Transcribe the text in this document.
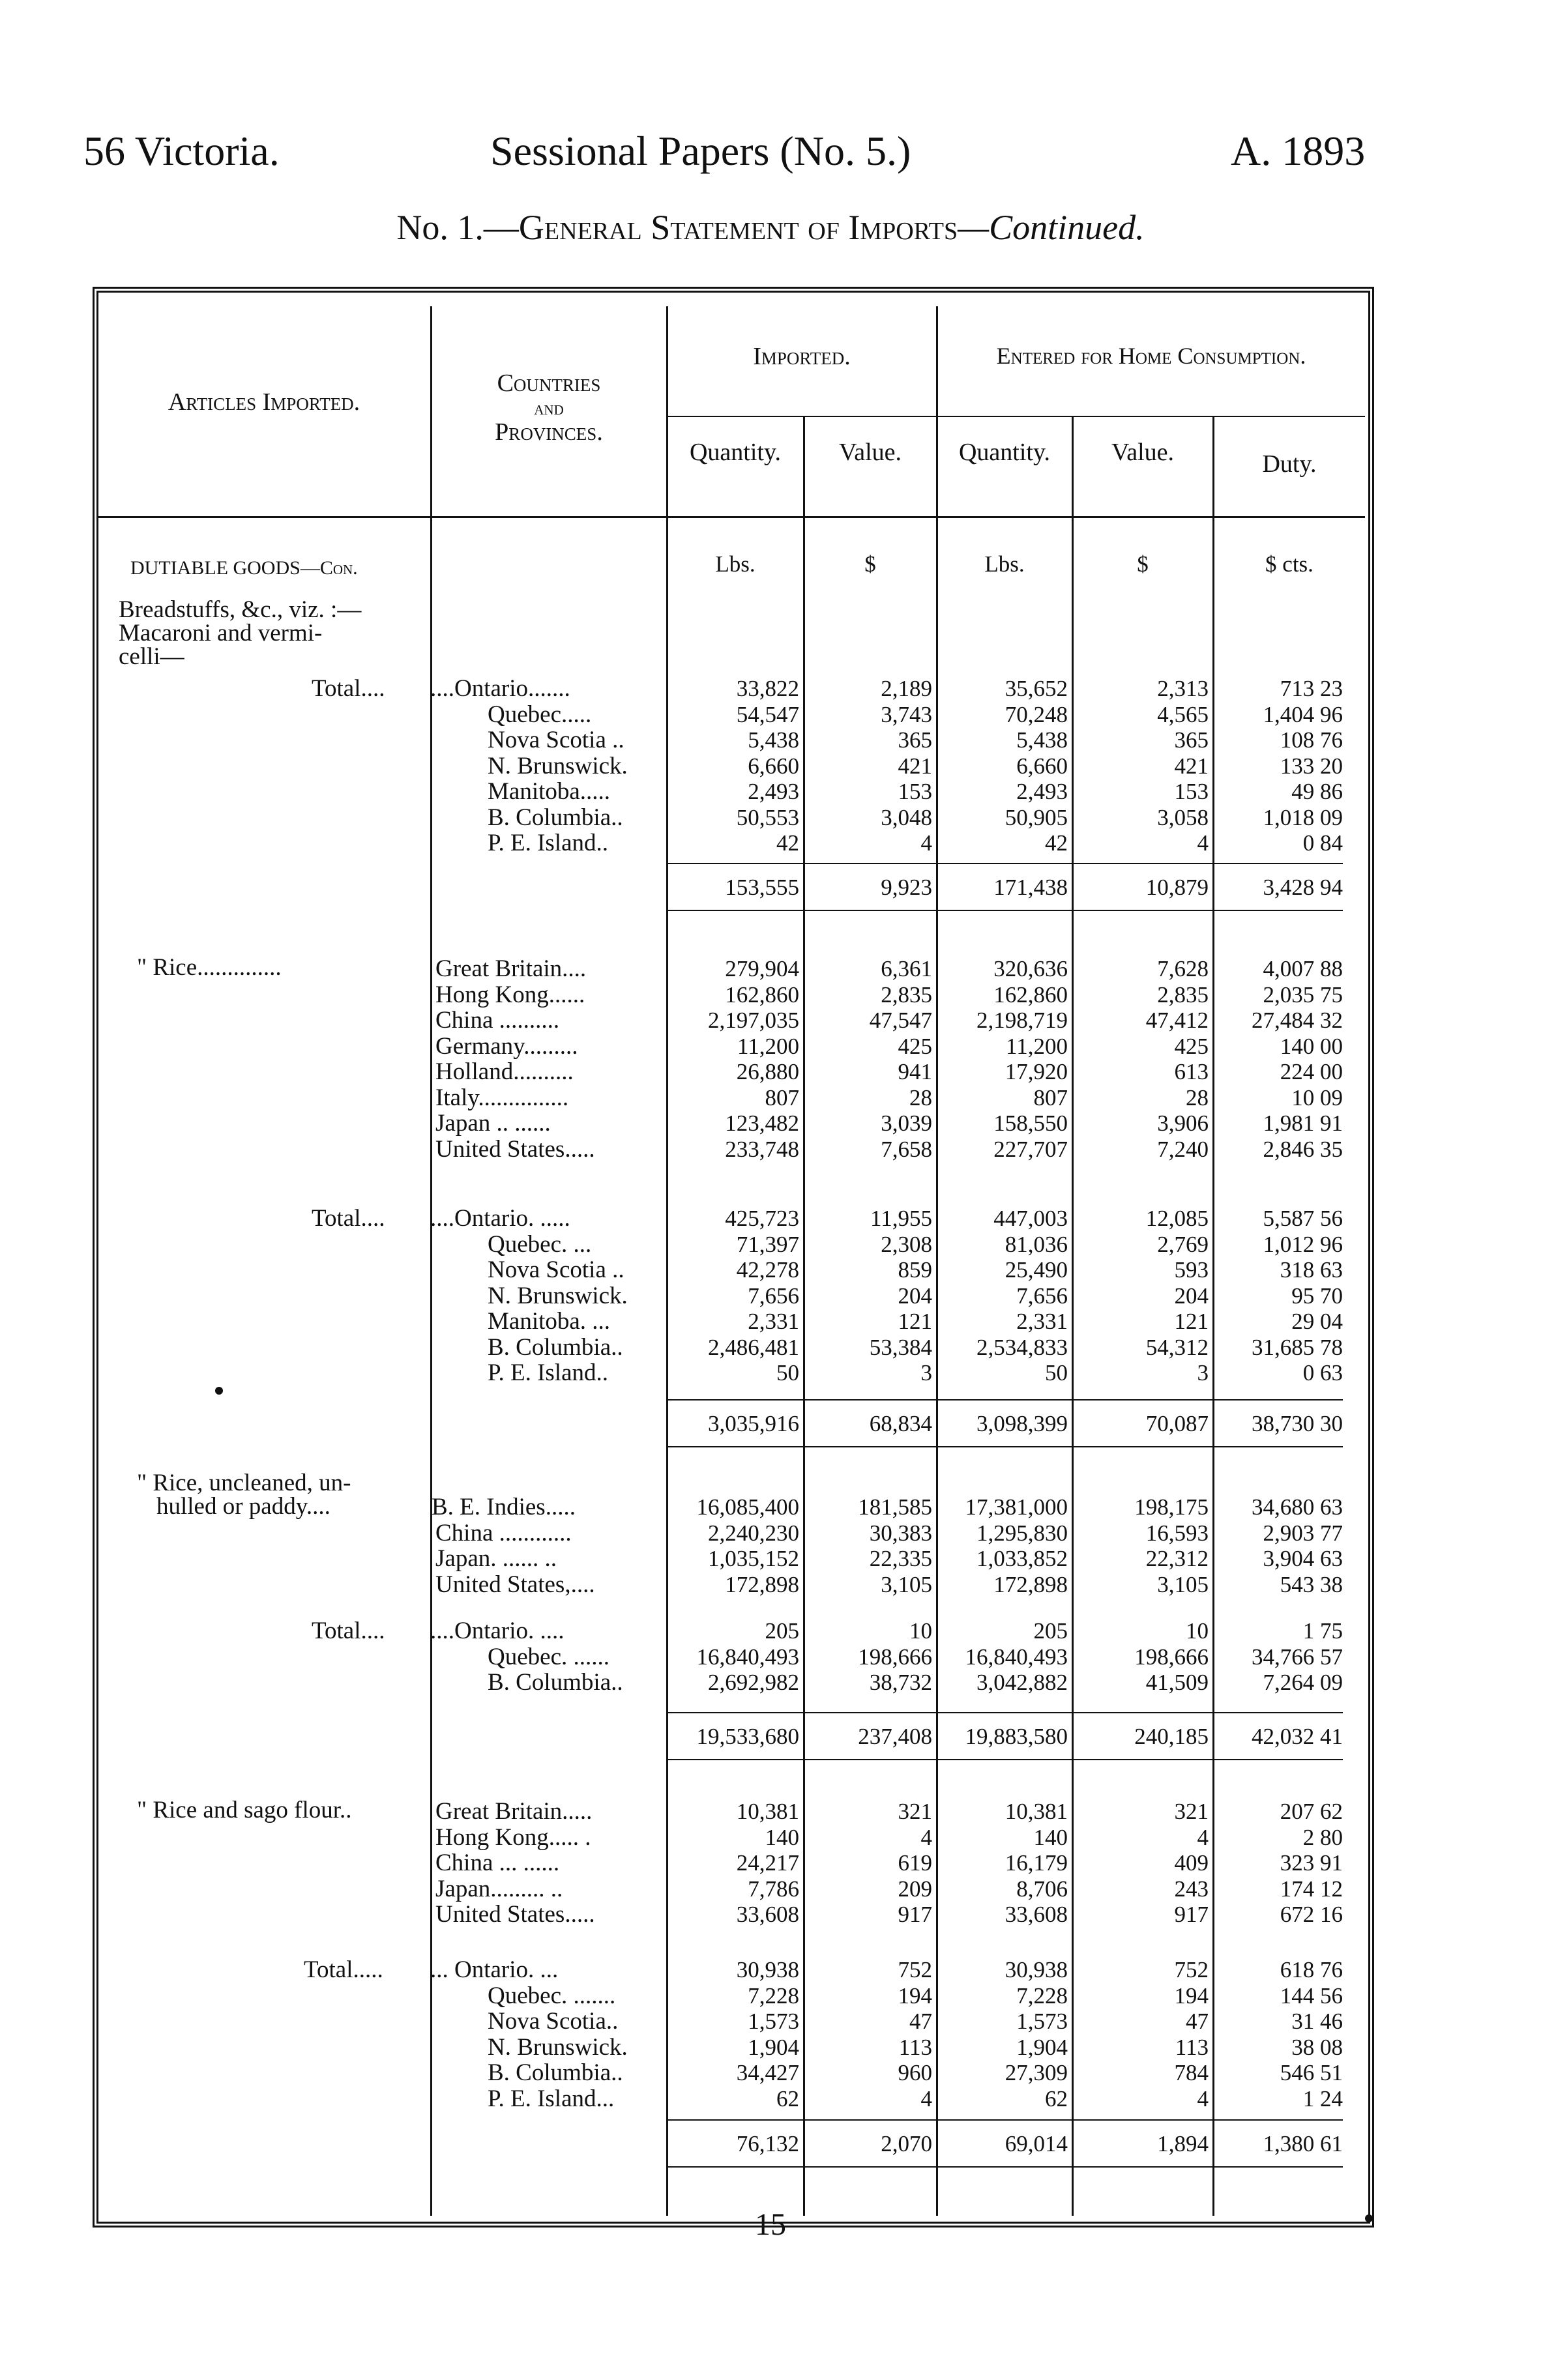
56 Victoria.	Sessional Papers (No. 5.)	A. 1893
No. 1.—General Statement of Imports—Continued.
Articles Imported.
Countries
and
Provinces.
Imported.	Entered for Home Consumption.
Quantity.	Value.	Quantity.	Value.	Duty.
DUTIABLE GOODS—Con.	Lbs.	$	Lbs.	$	$ cts.
Breadstuffs, &c., viz. :—
Macaroni and vermi-
celli—
Total.... ....Ontario.......	33,822	2,189	35,652	2,313	713 23
Quebec.....	54,547	3,743	70,248	4,565	1,404 96
Nova Scotia ..	5,438	365	5,438	365	108 76
N. Brunswick.	6,660	421	6,660	421	133 20
Manitoba.....	2,493	153	2,493	153	49 86
B. Columbia..	50,553	3,048	50,905	3,058	1,018 09
P. E. Island..	42	4	42	4	0 84
153,555	9,923	171,438	10,879	3,428 94
" Rice..............	Great Britain....	279,904	6,361	320,636	7,628	4,007 88
Hong Kong......	162,860	2,835	162,860	2,835	2,035 75
China ..........	2,197,035	47,547	2,198,719	47,412	27,484 32
Germany.........	11,200	425	11,200	425	140 00
Holland..........	26,880	941	17,920	613	224 00
Italy...............	807	28	807	28	10 09
Japan .. ......	123,482	3,039	158,550	3,906	1,981 91
United States.....	233,748	7,658	227,707	7,240	2,846 35
Total.... ....Ontario. .....	425,723	11,955	447,003	12,085	5,587 56
Quebec. ...	71,397	2,308	81,036	2,769	1,012 96
Nova Scotia ..	42,278	859	25,490	593	318 63
N. Brunswick.	7,656	204	7,656	204	95 70
Manitoba. ...	2,331	121	2,331	121	29 04
B. Columbia..	2,486,481	53,384	2,534,833	54,312	31,685 78
P. E. Island..	50	3	50	3	0 63
3,035,916	68,834	3,098,399	70,087	38,730 30
" Rice, uncleaned, un-
hulled or paddy....	B. E. Indies.....	16,085,400	181,585	17,381,000	198,175	34,680 63
China ............	2,240,230	30,383	1,295,830	16,593	2,903 77
Japan. ...... ..	1,035,152	22,335	1,033,852	22,312	3,904 63
United States,....	172,898	3,105	172,898	3,105	543 38
Total.... ....Ontario. ....	205	10	205	10	1 75
Quebec. ......	16,840,493	198,666	16,840,493	198,666	34,766 57
B. Columbia..	2,692,982	38,732	3,042,882	41,509	7,264 09
19,533,680	237,408	19,883,580	240,185	42,032 41
" Rice and sago flour..	Great Britain.....	10,381	321	10,381	321	207 62
Hong Kong..... .	140	4	140	4	2 80
China ... ......	24,217	619	16,179	409	323 91
Japan......... ..	7,786	209	8,706	243	174 12
United States.....	33,608	917	33,608	917	672 16
Total..... ... Ontario. ...	30,938	752	30,938	752	618 76
Quebec. .......	7,228	194	7,228	194	144 56
Nova Scotia..	1,573	47	1,573	47	31 46
N. Brunswick.	1,904	113	1,904	113	38 08
B. Columbia..	34,427	960	27,309	784	546 51
P. E. Island...	62	4	62	4	1 24
76,132	2,070	69,014	1,894	1,380 61
15
